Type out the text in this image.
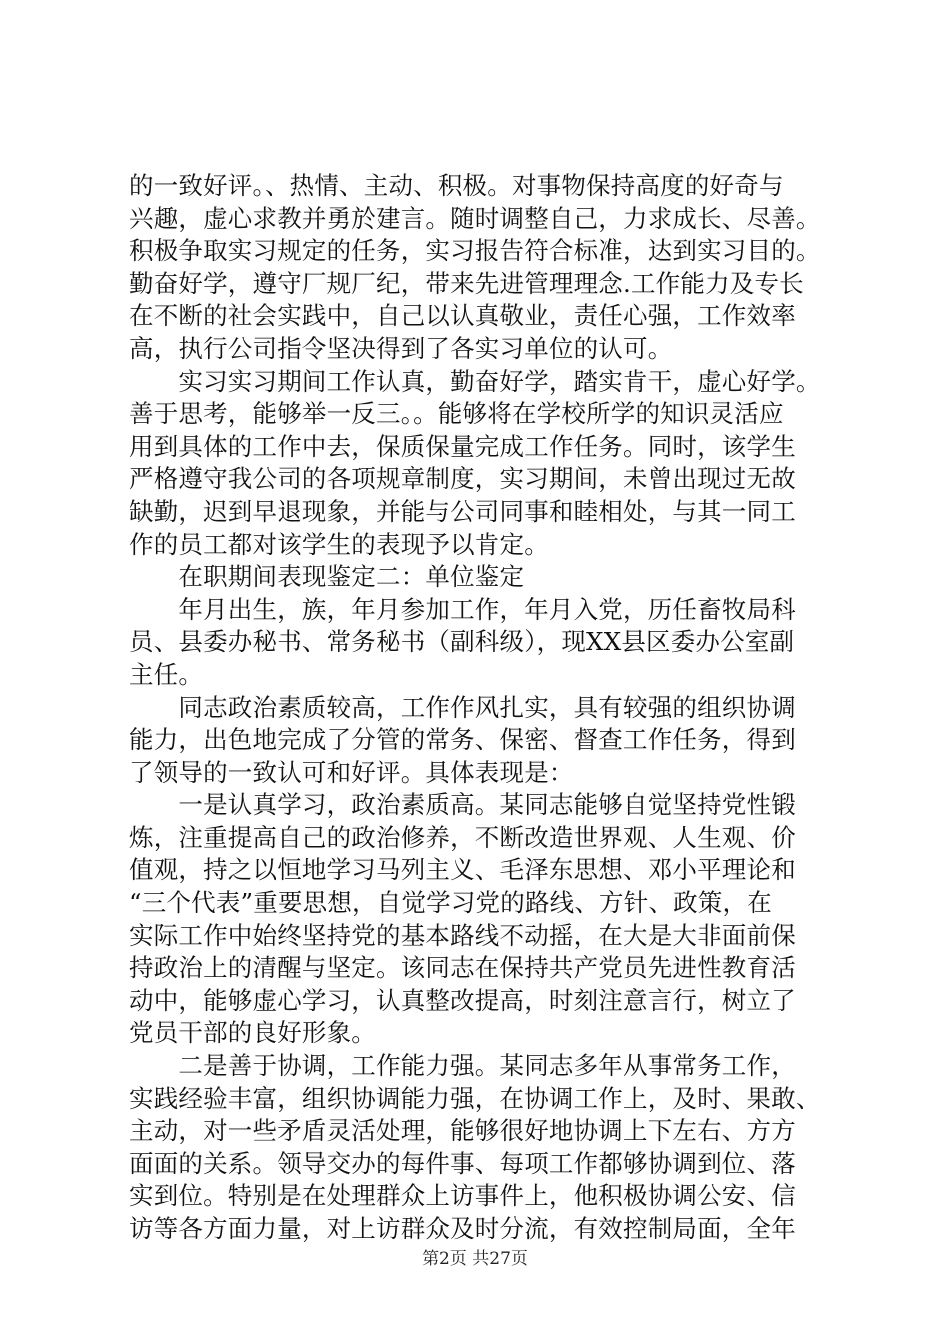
的一致好评。、热情、主动、积极。对事物保持高度的好奇与
兴趣，虚心求教并勇於建言。随时调整自己，力求成长、尽善。
积极争取实习规定的任务，实习报告符合标准，达到实习目的。
勤奋好学，遵守厂规厂纪，带来先进管理理念.工作能力及专长
在不断的社会实践中，自己以认真敬业，责任心强，工作效率
高，执行公司指令坚决得到了各实习单位的认可。
　　实习实习期间工作认真，勤奋好学，踏实肯干，虚心好学。
善于思考，能够举一反三。。能够将在学校所学的知识灵活应
用到具体的工作中去，保质保量完成工作任务。同时，该学生
严格遵守我公司的各项规章制度，实习期间，未曾出现过无故
缺勤，迟到早退现象，并能与公司同事和睦相处，与其一同工
作的员工都对该学生的表现予以肯定。
　　在职期间表现鉴定二：单位鉴定
　　年月出生，族，年月参加工作，年月入党，历任畜牧局科
员、县委办秘书、常务秘书（副科级），现XX县区委办公室副
主任。
　　同志政治素质较高，工作作风扎实，具有较强的组织协调
能力，出色地完成了分管的常务、保密、督查工作任务，得到
了领导的一致认可和好评。具体表现是：
　　一是认真学习，政治素质高。某同志能够自觉坚持党性锻
炼，注重提高自己的政治修养，不断改造世界观、人生观、价
值观，持之以恒地学习马列主义、毛泽东思想、邓小平理论和
“三个代表”重要思想，自觉学习党的路线、方针、政策，在
实际工作中始终坚持党的基本路线不动摇，在大是大非面前保
持政治上的清醒与坚定。该同志在保持共产党员先进性教育活
动中，能够虚心学习，认真整改提高，时刻注意言行，树立了
党员干部的良好形象。
　　二是善于协调，工作能力强。某同志多年从事常务工作，
实践经验丰富，组织协调能力强，在协调工作上，及时、果敢、
主动，对一些矛盾灵活处理，能够很好地协调上下左右、方方
面面的关系。领导交办的每件事、每项工作都够协调到位、落
实到位。特别是在处理群众上访事件上，他积极协调公安、信
访等各方面力量，对上访群众及时分流，有效控制局面，全年
第2页 共27页
